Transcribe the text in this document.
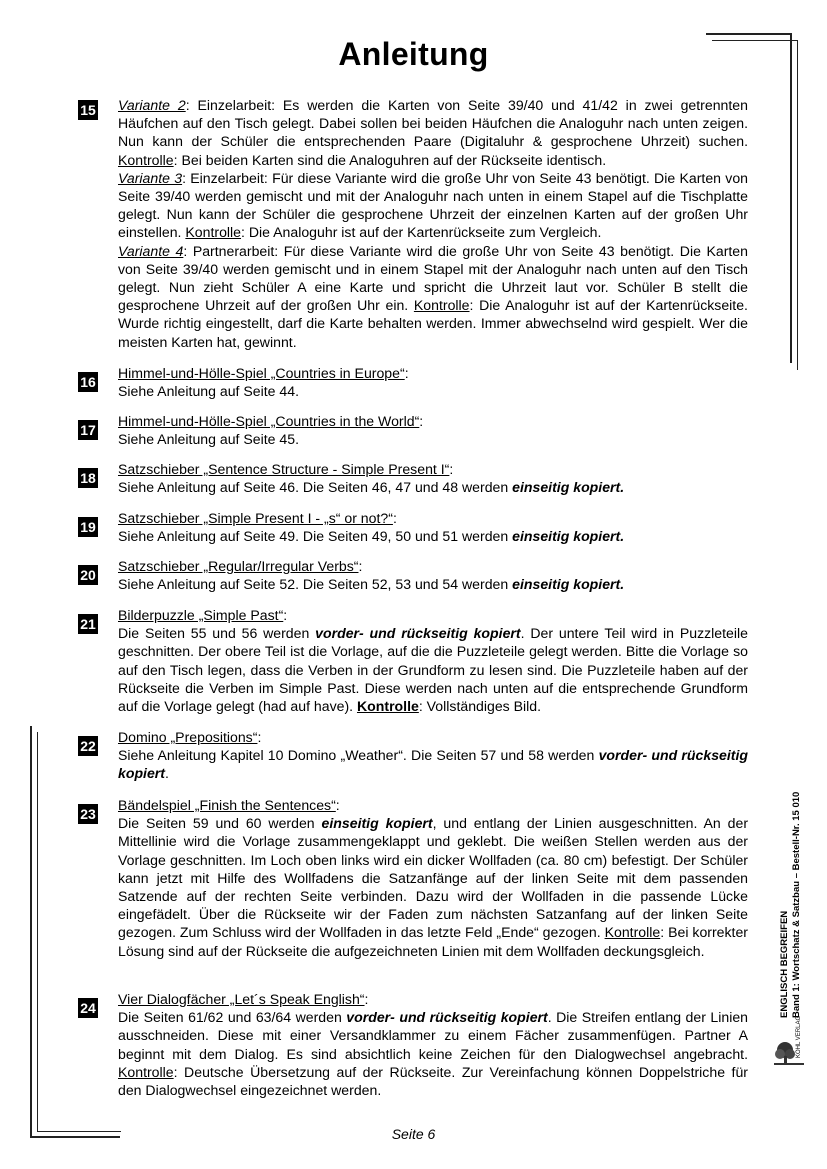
Anleitung
15 Variante 2: Einzelarbeit: Es werden die Karten von Seite 39/40 und 41/42 in zwei getrennten Häufchen auf den Tisch gelegt. Dabei sollen bei beiden Häufchen die Analoguhr nach unten zeigen. Nun kann der Schüler die entsprechenden Paare (Digitaluhr & gesprochene Uhrzeit) suchen. Kontrolle: Bei beiden Karten sind die Analoguhren auf der Rückseite identisch.
Variante 3: Einzelarbeit: Für diese Variante wird die große Uhr von Seite 43 benötigt. Die Karten von Seite 39/40 werden gemischt und mit der Analoguhr nach unten in einem Stapel auf die Tischplatte gelegt. Nun kann der Schüler die gesprochene Uhrzeit der einzelnen Karten auf der großen Uhr einstellen. Kontrolle: Die Analoguhr ist auf der Kartenrückseite zum Vergleich.
Variante 4: Partnerarbeit: Für diese Variante wird die große Uhr von Seite 43 benötigt. Die Karten von Seite 39/40 werden gemischt und in einem Stapel mit der Analoguhr nach unten auf den Tisch gelegt. Nun zieht Schüler A eine Karte und spricht die Uhrzeit laut vor. Schüler B stellt die gesprochene Uhrzeit auf der großen Uhr ein. Kontrolle: Die Analoguhr ist auf der Kartenrückseite. Wurde richtig eingestellt, darf die Karte behalten werden. Immer abwechselnd wird gespielt. Wer die meisten Karten hat, gewinnt.
16
Himmel-und-Hölle-Spiel „Countries in Europe“:
Siehe Anleitung auf Seite 44.
17
Himmel-und-Hölle-Spiel „Countries in the World“:
Siehe Anleitung auf Seite 45.
18
Satzschieber „Sentence Structure - Simple Present I“:
Siehe Anleitung auf Seite 46. Die Seiten 46, 47 und 48 werden einseitig kopiert.
19
Satzschieber „Simple Present I - „s“ or not?“:
Siehe Anleitung auf Seite 49. Die Seiten 49, 50 und 51 werden einseitig kopiert.
20
Satzschieber „Regular/Irregular Verbs“:
Siehe Anleitung auf Seite 52. Die Seiten 52, 53 und 54 werden einseitig kopiert.
21
Bilderpuzzle „Simple Past“:
Die Seiten 55 und 56 werden vorder- und rückseitig kopiert. Der untere Teil wird in Puzzleteile geschnitten. Der obere Teil ist die Vorlage, auf die die Puzzleteile gelegt werden. Bitte die Vorlage so auf den Tisch legen, dass die Verben in der Grundform zu lesen sind. Die Puzzleteile haben auf der Rückseite die Verben im Simple Past. Diese werden nach unten auf die entsprechende Grundform auf die Vorlage gelegt (had auf have). Kontrolle: Vollständiges Bild.
22
Domino „Prepositions“:
Siehe Anleitung Kapitel 10 Domino „Weather“. Die Seiten 57 und 58 werden vorder- und rückseitig kopiert.
23
Bändelspiel „Finish the Sentences“:
Die Seiten 59 und 60 werden einseitig kopiert, und entlang der Linien ausgeschnitten. An der Mittellinie wird die Vorlage zusammengeklappt und geklebt. Die weißen Stellen werden aus der Vorlage geschnitten. Im Loch oben links wird ein dicker Wollfaden (ca. 80 cm) befestigt. Der Schüler kann jetzt mit Hilfe des Wollfadens die Satzanfänge auf der linken Seite mit dem passenden Satzende auf der rechten Seite verbinden. Dazu wird der Wollfaden in die passende Lücke eingefädelt. Über die Rückseite wir der Faden zum nächsten Satzanfang auf der linken Seite gezogen. Zum Schluss wird der Wollfaden in das letzte Feld „Ende“ gezogen. Kontrolle: Bei korrekter Lösung sind auf der Rückseite die aufgezeichneten Linien mit dem Wollfaden deckungsgleich.
24
Vier Dialogfächer „Let´s Speak English“:
Die Seiten 61/62 und 63/64 werden vorder- und rückseitig kopiert. Die Streifen entlang der Linien ausschneiden. Diese mit einer Versandklammer zu einem Fächer zusammenfügen. Partner A beginnt mit dem Dialog. Es sind absichtlich keine Zeichen für den Dialogwechsel angebracht. Kontrolle: Deutsche Übersetzung auf der Rückseite. Zur Vereinfachung können Doppelstriche für den Dialogwechsel eingezeichnet werden.
ENGLISCH BEGREIFEN Band 1: Wortschatz & Satzbau – Bestell-Nr. 15 010
KOHL VERLAG
Seite 6
